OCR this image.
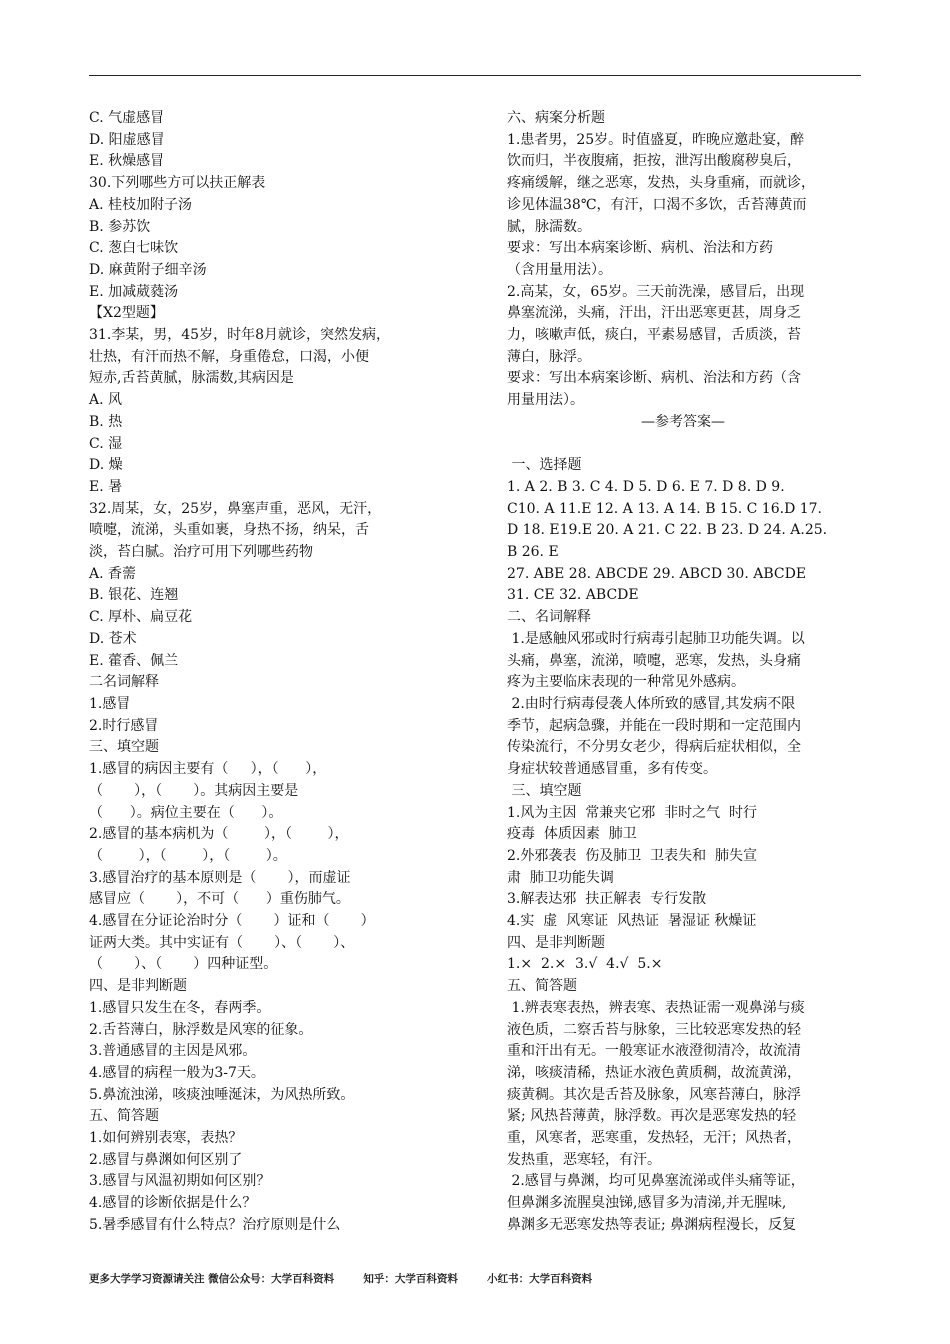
C. 气虚感冒
D. 阳虚感冒
E. 秋燥感冒
30.下列哪些方可以扶正解表
A. 桂枝加附子汤
B. 参苏饮
C. 葱白七味饮
D. 麻黄附子细辛汤
E. 加减葳蕤汤
【X2型题】
31.李某，男，45岁，时年8月就诊，突然发病，
壮热，有汗而热不解，身重倦怠，口渴，小便
短赤,舌苔黄腻，脉濡数,其病因是
A. 风
B. 热
C. 湿
D. 燥
E. 暑
32.周某，女，25岁，鼻塞声重，恶风，无汗，
喷嚏，流涕，头重如裹，身热不扬，纳呆，舌
淡，苔白腻。治疗可用下列哪些药物
A. 香薷
B. 银花、连翘
C. 厚朴、扁豆花
D. 苍术
E. 藿香、佩兰
二名词解释
1.感冒
2.时行感冒
三、填空题
1.感冒的病因主要有（     ），（      ），
（       ），（       ）。其病因主要是
（      ）。病位主要在（      ）。
2.感冒的基本病机为（        ），（        ），
（        ），（        ），（        ）。
3.感冒治疗的基本原则是（       ），而虚证
感冒应（       ），不可（      ）重伤肺气。
4.感冒在分证论治时分（       ）证和（       ）
证两大类。其中实证有（       ）、（       ）、
（       ）、（       ）四种证型。
四、是非判断题
1.感冒只发生在冬，春两季。
2.舌苔薄白，脉浮数是风寒的征象。
3.普通感冒的主因是风邪。
4.感冒的病程一般为3-7天。
5.鼻流浊涕，咳痰浊唾涎沫，为风热所致。
五、简答题
1.如何辨别表寒，表热？
2.感冒与鼻渊如何区别了
3.感冒与风温初期如何区别？
4.感冒的诊断依据是什么？
5.暑季感冒有什么特点？治疗原则是什么
六、病案分析题
1.患者男，25岁。时值盛夏，昨晚应邀赴宴，醉
饮而归，半夜腹痛，拒按，泄泻出酸腐秽臭后，
疼痛缓解，继之恶寒，发热，头身重痛，而就诊，
诊见体温38℃，有汗，口渴不多饮，舌苔薄黄而
腻，脉濡数。
要求：写出本病案诊断、病机、治法和方药
（含用量用法）。
2.高某，女，65岁。三天前洗澡，感冒后，出现
鼻塞流涕，头痛，汗出，汗出恶寒更甚，周身乏
力，咳嗽声低，痰白，平素易感冒，舌质淡，苔
薄白，脉浮。
要求：写出本病案诊断、病机、治法和方药（含
用量用法）。
—参考答案—

一、选择题
1. A 2. B 3. C 4. D 5. D 6. E 7. D 8. D 9.
C10. A 11.E 12. A 13. A 14. B 15. C 16.D 17.
D 18. E19.E 20. A 21. C 22. B 23. D 24. A.25.
B 26. E
27. ABE 28. ABCDE 29. ABCD 30. ABCDE
31. CE 32. ABCDE
二、名词解释
1.是感触风邪或时行病毒引起肺卫功能失调。以
头痛，鼻塞，流涕，喷嚏，恶寒，发热，头身痛
疼为主要临床表现的一种常见外感病。
2.由时行病毒侵袭人体所致的感冒,其发病不限
季节，起病急骤，并能在一段时期和一定范围内
传染流行，不分男女老少，得病后症状相似，全
身症状较普通感冒重，多有传变。
三、填空题
1.风为主因  常兼夹它邪  非时之气  时行
疫毒  体质因素  肺卫
2.外邪袭表  伤及肺卫  卫表失和  肺失宣
肃  肺卫功能失调
3.解表达邪  扶正解表  专行发散
4.实  虚  风寒证  风热证  暑湿证 秋燥证
四、是非判断题
1.×  2.×  3.√  4.√  5.×
五、简答题
1.辨表寒表热，辨表寒、表热证需一观鼻涕与痰
液色质，二察舌苔与脉象，三比较恶寒发热的轻
重和汗出有无。一般寒证水液澄彻清冷，故流清
涕，咳痰清稀，热证水液色黄质稠，故流黄涕，
痰黄稠。其次是舌苔及脉象，风寒苔薄白，脉浮
紧; 风热苔薄黄，脉浮数。再次是恶寒发热的轻
重，风寒者，恶寒重，发热轻，无汗；风热者，
发热重，恶寒轻，有汗。
2.感冒与鼻渊，均可见鼻塞流涕或伴头痛等证，
但鼻渊多流腥臭浊锑,感冒多为清涕,并无腥味,
鼻渊多无恶寒发热等表证; 鼻渊病程漫长，反复
更多大学学习资源请关注 微信公众号：大学百科资料        知乎：大学百科资料        小红书：大学百科资料
